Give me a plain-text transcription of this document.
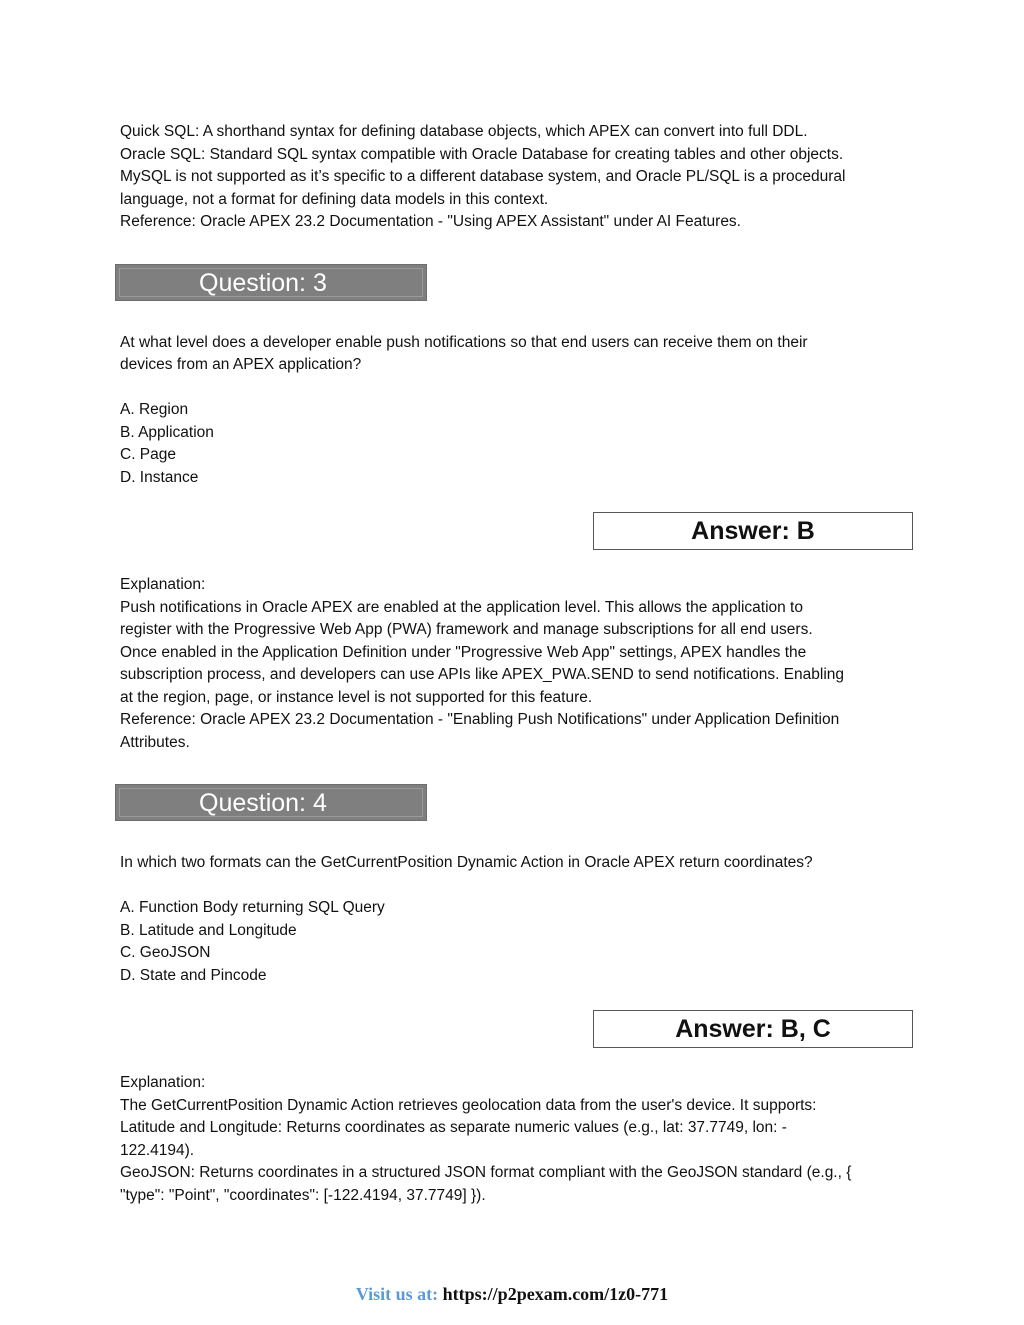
Quick SQL: A shorthand syntax for defining database objects, which APEX can convert into full DDL.

Oracle SQL: Standard SQL syntax compatible with Oracle Database for creating tables and other objects.

MySQL is not supported as it’s specific to a different database system, and Oracle PL/SQL is a procedural

language, not a format for defining data models in this context.

Reference: Oracle APEX 23.2 Documentation - "Using APEX Assistant" under AI Features.

Question: 3

At what level does a developer enable push notifications so that end users can receive them on their

devices from an APEX application?

A. Region

B. Application

C. Page

D. Instance

Answer: B

Explanation:

Push notifications in Oracle APEX are enabled at the application level. This allows the application to

register with the Progressive Web App (PWA) framework and manage subscriptions for all end users.

Once enabled in the Application Definition under "Progressive Web App" settings, APEX handles the

subscription process, and developers can use APIs like APEX_PWA.SEND to send notifications. Enabling

at the region, page, or instance level is not supported for this feature.

Reference: Oracle APEX 23.2 Documentation - "Enabling Push Notifications" under Application Definition

Attributes.

Question: 4

In which two formats can the GetCurrentPosition Dynamic Action in Oracle APEX return coordinates?

A. Function Body returning SQL Query

B. Latitude and Longitude

C. GeoJSON

D. State and Pincode

Answer: B, C

Explanation:

The GetCurrentPosition Dynamic Action retrieves geolocation data from the user's device. It supports:

Latitude and Longitude: Returns coordinates as separate numeric values (e.g., lat: 37.7749, lon: -

122.4194).

GeoJSON: Returns coordinates in a structured JSON format compliant with the GeoJSON standard (e.g., {

"type": "Point", "coordinates": [-122.4194, 37.7749] }).

Visit us at: https://p2pexam.com/1z0-771
